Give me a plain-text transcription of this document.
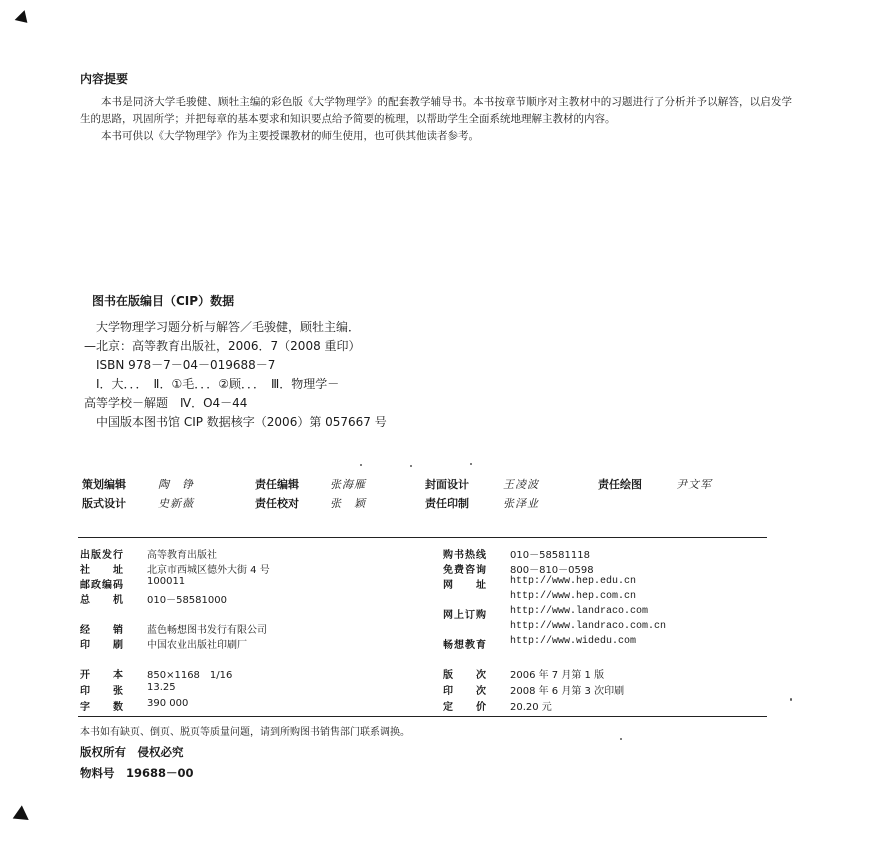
内容提要

本书是同济大学毛骏健、顾牡主编的彩色版《大学物理学》的配套教学辅导书。本书按章节顺序对主教材中的习题进行了分析并予以解答，以启发学生的思路，巩固所学；并把每章的基本要求和知识要点给予简要的梳理，以帮助学生全面系统地理解主教材的内容。

本书可供以《大学物理学》作为主要授课教材的师生使用，也可供其他读者参考。

图书在版编目（CIP）数据
大学物理学习题分析与解答／毛骏健，顾牡主编．
—北京：高等教育出版社，2006．7（2008 重印）
ISBN 978－7－04－019688－7
Ⅰ．大．．．　Ⅱ．①毛．．．②顾．．．　Ⅲ．物理学－
高等学校－解题　Ⅳ．O4－44
中国版本图书馆 CIP 数据核字（2006）第 057667 号
策划编辑	陶　铮	责任编辑	张海雁	封面设计	王凌波	责任绘图	尹文军
版式设计	史新薇	责任校对	张　颖	责任印制	张泽业
出版发行 高等教育出版社
社　　址 北京市西城区德外大街 4 号
邮政编码 100011
总　　机 010－58581000
经　　销 蓝色畅想图书发行有限公司
印　　刷 中国农业出版社印刷厂
开　　本 850×1168　1/16
印　　张 13.25
字　　数 390 000
购书热线 010－58581118
免费咨询 800－810－0598
网　　址 http://www.hep.edu.cn
http://www.hep.com.cn
网上订购 http://www.landraco.com
http://www.landraco.com.cn
畅想教育 http://www.widedu.com
版　　次 2006 年 7 月第 1 版
印　　次 2008 年 6 月第 3 次印刷
定　　价 20.20 元
本书如有缺页、倒页、脱页等质量问题，请到所购图书销售部门联系调换。
版权所有　侵权必究
物料号　19688－00
